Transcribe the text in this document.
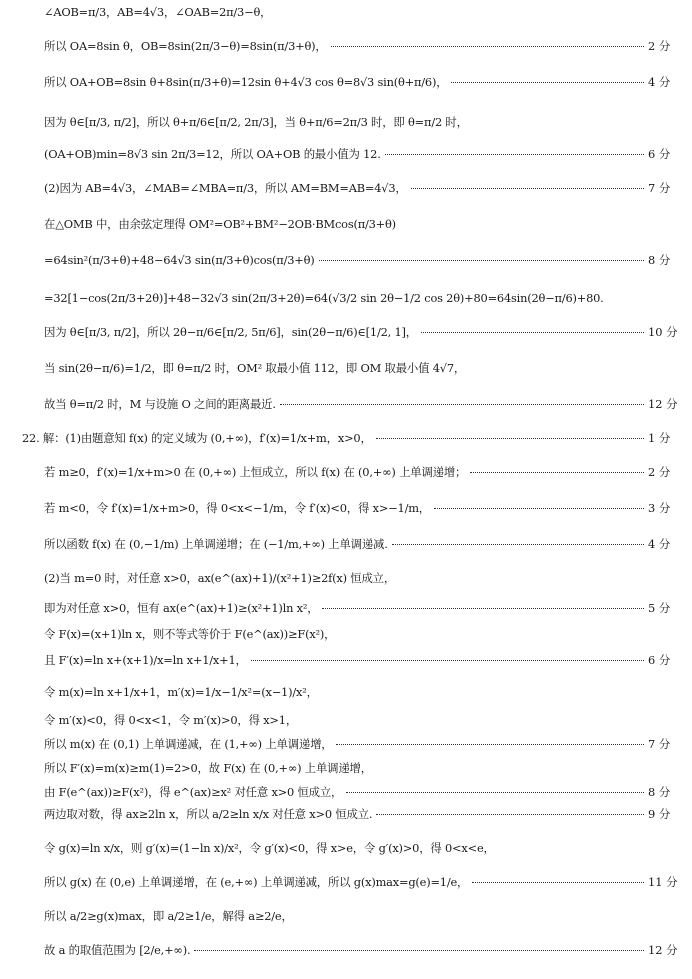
∠AOB=π/3，AB=4√3，∠OAB=2π/3−θ，
所以 OA=8sin θ，OB=8sin(2π/3−θ)=8sin(π/3+θ)，	2 分
所以 OA+OB=8sin θ+8sin(π/3+θ)=12sin θ+4√3 cos θ=8√3 sin(θ+π/6)，	4 分
因为 θ∈[π/3, π/2]，所以 θ+π/6∈[π/2, 2π/3]，当 θ+π/6=2π/3 时，即 θ=π/2 时，
(OA+OB)min=8√3 sin 2π/3=12，所以 OA+OB 的最小值为 12.	6 分
(2)因为 AB=4√3，∠MAB=∠MBA=π/3，所以 AM=BM=AB=4√3，	7 分
在△OMB 中，由余弦定理得 OM²=OB²+BM²−2OB·BMcos(π/3+θ)
=64sin²(π/3+θ)+48−64√3 sin(π/3+θ)cos(π/3+θ)	8 分
=32[1−cos(2π/3+2θ)]+48−32√3 sin(2π/3+2θ)=64(√3/2 sin 2θ−1/2 cos 2θ)+80=64sin(2θ−π/6)+80.
因为 θ∈[π/3, π/2]，所以 2θ−π/6∈[π/2, 5π/6]，sin(2θ−π/6)∈[1/2, 1]，	10 分
当 sin(2θ−π/6)=1/2，即 θ=π/2 时，OM² 取最小值 112，即 OM 取最小值 4√7，
故当 θ=π/2 时，M 与设施 O 之间的距离最近.	12 分
22. 解：(1)由题意知 f(x) 的定义域为 (0,+∞)，f′(x)=1/x+m，x>0，	1 分
若 m≥0，f′(x)=1/x+m>0 在 (0,+∞) 上恒成立，所以 f(x) 在 (0,+∞) 上单调递增；	2 分
若 m<0，令 f′(x)=1/x+m>0，得 0<x<−1/m，令 f′(x)<0，得 x>−1/m，	3 分
所以函数 f(x) 在 (0,−1/m) 上单调递增；在 (−1/m,+∞) 上单调递减.	4 分
(2)当 m=0 时，对任意 x>0，ax(e^(ax)+1)/(x²+1)≥2f(x) 恒成立，
即为对任意 x>0，恒有 ax(e^(ax)+1)≥(x²+1)ln x²，	5 分
令 F(x)=(x+1)ln x，则不等式等价于 F(e^(ax))≥F(x²)，
且 F′(x)=ln x+(x+1)/x=ln x+1/x+1，	6 分
令 m(x)=ln x+1/x+1，m′(x)=1/x−1/x²=(x−1)/x²，
令 m′(x)<0，得 0<x<1，令 m′(x)>0，得 x>1，
所以 m(x) 在 (0,1) 上单调递减，在 (1,+∞) 上单调递增，	7 分
所以 F′(x)=m(x)≥m(1)=2>0，故 F(x) 在 (0,+∞) 上单调递增，
由 F(e^(ax))≥F(x²)，得 e^(ax)≥x² 对任意 x>0 恒成立，	8 分
两边取对数，得 ax≥2ln x，所以 a/2≥ln x/x 对任意 x>0 恒成立.	9 分
令 g(x)=ln x/x，则 g′(x)=(1−ln x)/x²，令 g′(x)<0，得 x>e，令 g′(x)>0，得 0<x<e，
所以 g(x) 在 (0,e) 上单调递增，在 (e,+∞) 上单调递减，所以 g(x)max=g(e)=1/e，	11 分
所以 a/2≥g(x)max，即 a/2≥1/e，解得 a≥2/e，
故 a 的取值范围为 [2/e,+∞).	12 分
